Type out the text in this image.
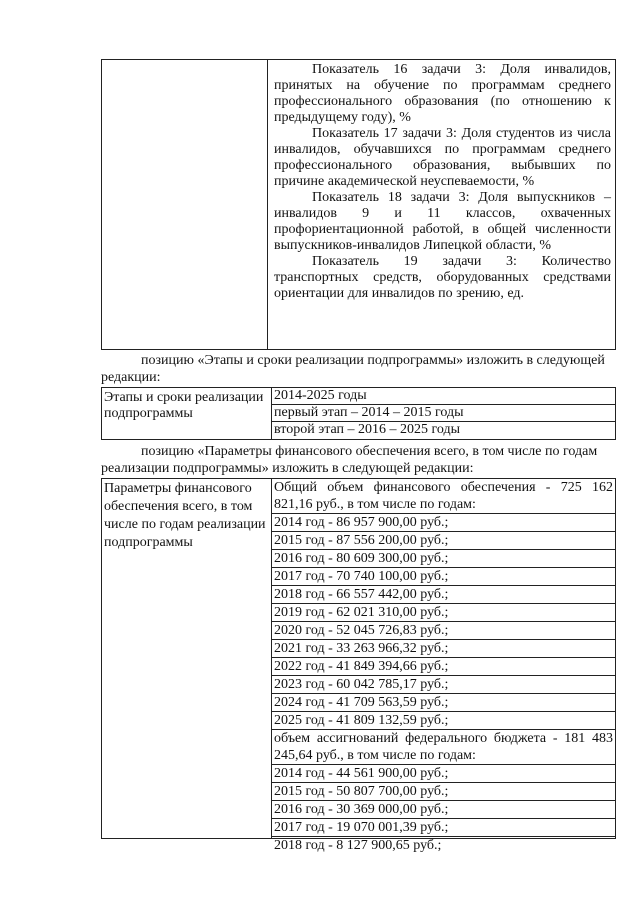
Показатель 16 задачи 3: Доля инвалидов, принятых на обучение по программам среднего профессионального образования (по отношению к предыдущему году), %

Показатель 17 задачи 3: Доля студентов из числа инвалидов, обучавшихся по программам среднего профессионального образования, выбывших по причине академической неуспеваемости, %

Показатель 18 задачи 3: Доля выпускников – инвалидов 9 и 11 классов, охваченных профориентационной работой, в общей численности выпускников-инвалидов Липецкой области, %

Показатель 19 задачи 3: Количество транспортных средств, оборудованных средствами ориентации для инвалидов по зрению, ед.

позицию «Этапы и сроки реализации подпрограммы» изложить в следующей редакции:

Этапы и сроки реализации подпрограммы
2014-2025 годы
первый этап – 2014 – 2015 годы
второй этап – 2016 – 2025 годы

позицию «Параметры финансового обеспечения всего, в том числе по годам реализации подпрограммы» изложить в следующей редакции:

Параметры финансового обеспечения всего, в том числе по годам реализации подпрограммы
Общий объем финансового обеспечения - 725 162 821,16 руб., в том числе по годам:
2014 год - 86 957 900,00 руб.;
2015 год - 87 556 200,00 руб.;
2016 год - 80 609 300,00 руб.;
2017 год - 70 740 100,00 руб.;
2018 год - 66 557 442,00 руб.;
2019 год - 62 021 310,00 руб.;
2020 год - 52 045 726,83 руб.;
2021 год - 33 263 966,32 руб.;
2022 год - 41 849 394,66 руб.;
2023 год - 60 042 785,17 руб.;
2024 год - 41 709 563,59 руб.;
2025 год - 41 809 132,59 руб.;
объем ассигнований федерального бюджета - 181 483 245,64 руб., в том числе по годам:
2014 год - 44 561 900,00 руб.;
2015 год - 50 807 700,00 руб.;
2016 год - 30 369 000,00 руб.;
2017 год - 19 070 001,39 руб.;
2018 год - 8 127 900,65 руб.;
